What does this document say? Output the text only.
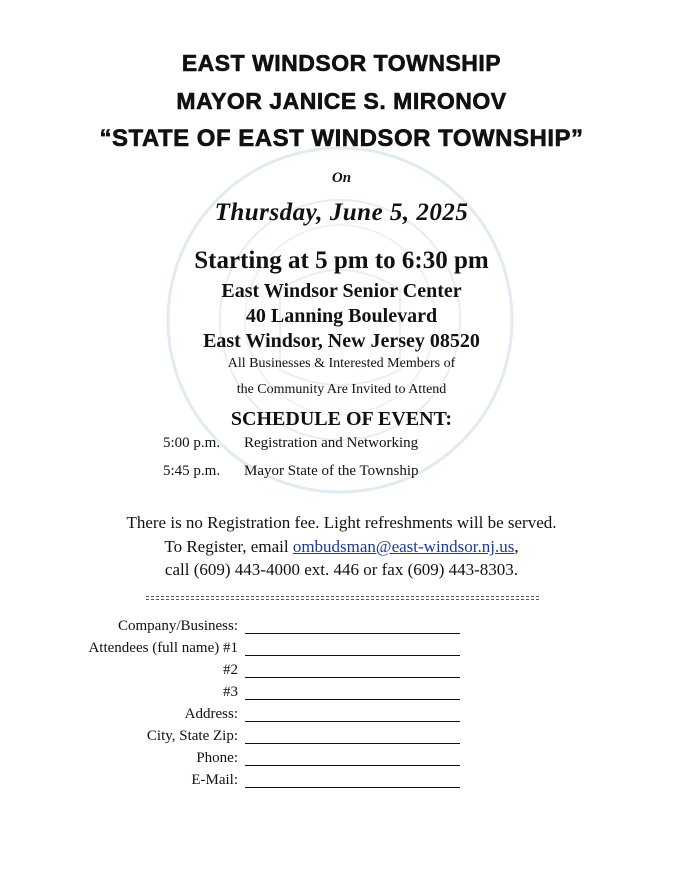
EAST WINDSOR TOWNSHIP

MAYOR JANICE S. MIRONOV

“STATE OF EAST WINDSOR TOWNSHIP”

On

Thursday, June 5, 2025

Starting at 5 pm to 6:30 pm

East Windsor Senior Center

40 Lanning Boulevard

East Windsor, New Jersey 08520

All Businesses & Interested Members of

the Community Are Invited to Attend

SCHEDULE OF EVENT:

5:00 p.m. Registration and Networking
5:45 p.m. Mayor State of the Township

There is no Registration fee. Light refreshments will be served.

To Register, email ombudsman@east-windsor.nj.us,

call (609) 443-4000 ext. 446 or fax (609) 443-8303.

Company/Business:
Attendees (full name) #1
#2
#3
Address:
City, State Zip:
Phone:
E-Mail:
